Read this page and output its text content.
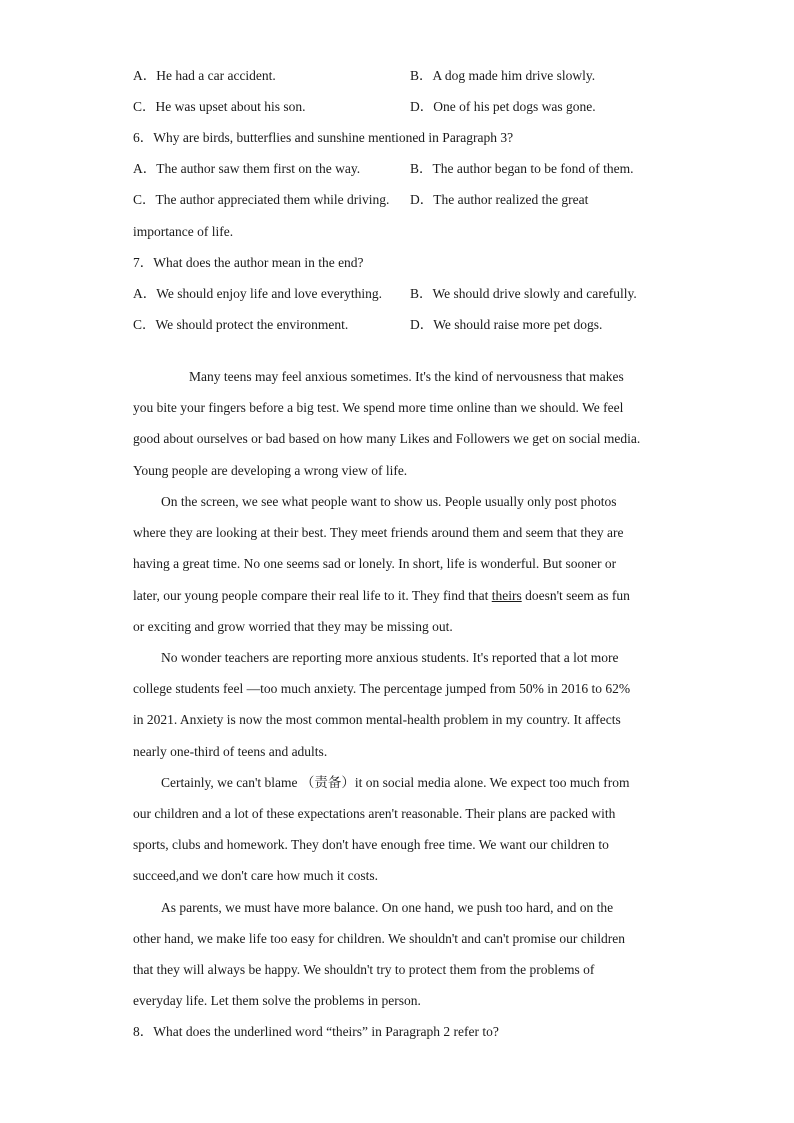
A．He had a car accident.	B．A dog made him drive slowly.
C．He was upset about his son.	D．One of his pet dogs was gone.
6．Why are birds, butterflies and sunshine mentioned in Paragraph 3?
A．The author saw them first on the way.	B．The author began to be fond of them.
C．The author appreciated them while driving. D．The author realized the great
importance of life.
7．What does the author mean in the end?
A．We should enjoy life and love everything. B．We should drive slowly and carefully.
C．We should protect the environment.	D．We should raise more pet dogs.
Many teens may feel anxious sometimes. It's the kind of nervousness that makes
you bite your fingers before a big test. We spend more time online than we should. We feel
good about ourselves or bad based on how many Likes and Followers we get on social media.
Young people are developing a wrong view of life.
On the screen, we see what people want to show us. People usually only post photos
where they are looking at their best. They meet friends around them and seem that they are
having a great time. No one seems sad or lonely. In short, life is wonderful. But sooner or
later, our young people compare their real life to it. They find that theirs doesn't seem as fun
or exciting and grow worried that they may be missing out.
No wonder teachers are reporting more anxious students. It's reported that a lot more
college students feel —too much anxiety. The percentage jumped from 50% in 2016 to 62%
in 2021. Anxiety is now the most common mental-health problem in my country. It affects
nearly one-third of teens and adults.
Certainly, we can't blame （责备）it on social media alone. We expect too much from
our children and a lot of these expectations aren't reasonable. Their plans are packed with
sports, clubs and homework. They don't have enough free time. We want our children to
succeed,and we don't care how much it costs.
As parents, we must have more balance. On one hand, we push too hard, and on the
other hand, we make life too easy for children. We shouldn't and can't promise our children
that they will always be happy. We shouldn't try to protect them from the problems of
everyday life. Let them solve the problems in person.
8．What does the underlined word “theirs” in Paragraph 2 refer to?
